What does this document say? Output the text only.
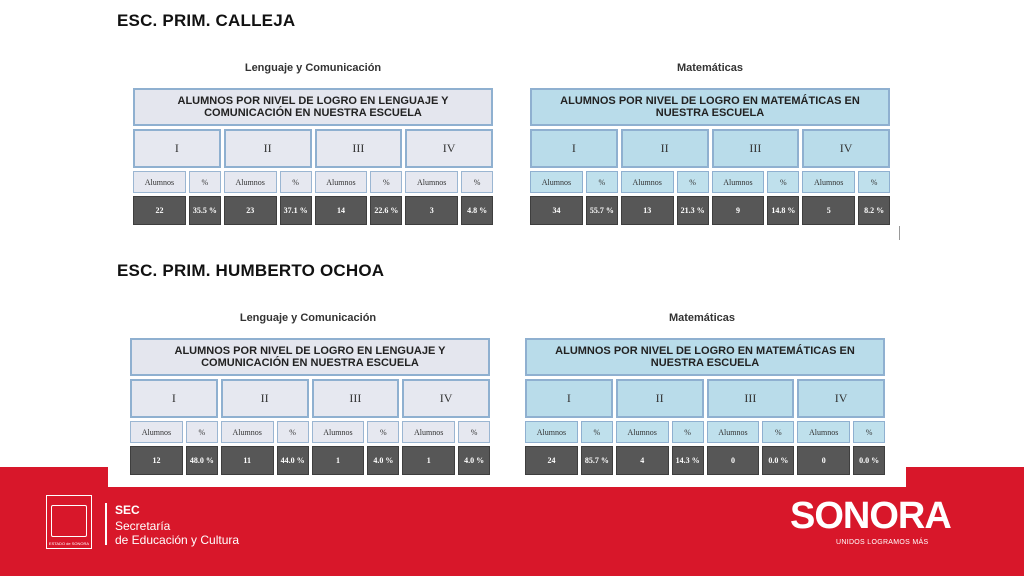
ESC. PRIM. CALLEJA
Lenguaje y Comunicación	Matemáticas
ALUMNOS POR NIVEL DE LOGRO EN LENGUAJE Y COMUNICACIÓN EN NUESTRA ESCUELA
I	II	III	IV
Alumnos	%	Alumnos	%	Alumnos	%	Alumnos	%
22	35.5 %	23	37.1 %	14	22.6 %	3	4.8 %
ALUMNOS POR NIVEL DE LOGRO EN MATEMÁTICAS EN NUESTRA ESCUELA
I	II	III	IV
Alumnos	%	Alumnos	%	Alumnos	%	Alumnos	%
34	55.7 %	13	21.3 %	9	14.8 %	5	8.2 %
ESC. PRIM. HUMBERTO OCHOA
Lenguaje y Comunicación	Matemáticas
ALUMNOS POR NIVEL DE LOGRO EN LENGUAJE Y COMUNICACIÓN EN NUESTRA ESCUELA
I	II	III	IV
Alumnos	%	Alumnos	%	Alumnos	%	Alumnos	%
12	48.0 %	11	44.0 %	1	4.0 %	1	4.0 %
ALUMNOS POR NIVEL DE LOGRO EN MATEMÁTICAS EN NUESTRA ESCUELA
I	II	III	IV
Alumnos	%	Alumnos	%	Alumnos	%	Alumnos	%
24	85.7 %	4	14.3 %	0	0.0 %	0	0.0 %
ESTADO de SONORA
SEC
Secretaría
de Educación y Cultura
SONORA
UNIDOS LOGRAMOS MÁS
